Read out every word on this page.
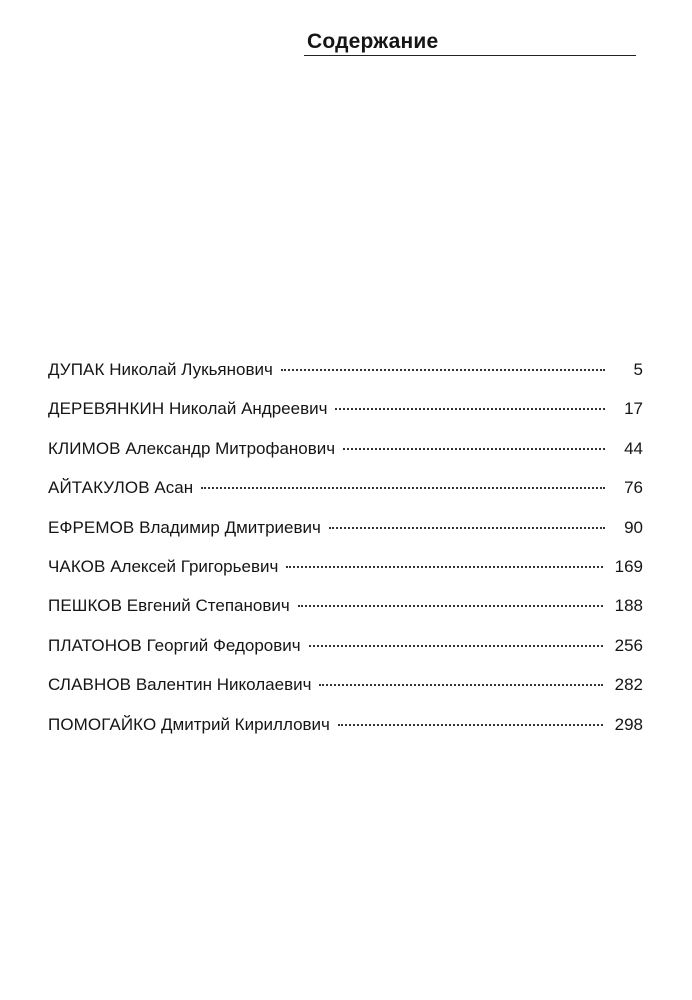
Содержание
ДУПАК Николай Лукьянович	5
ДЕРЕВЯНКИН Николай Андреевич	17
КЛИМОВ Александр Митрофанович	44
АЙТАКУЛОВ Асан	76
ЕФРЕМОВ Владимир Дмитриевич	90
ЧАКОВ Алексей Григорьевич	169
ПЕШКОВ Евгений Степанович	188
ПЛАТОНОВ Георгий Федорович	256
СЛАВНОВ Валентин Николаевич	282
ПОМОГАЙКО Дмитрий Кириллович	298
